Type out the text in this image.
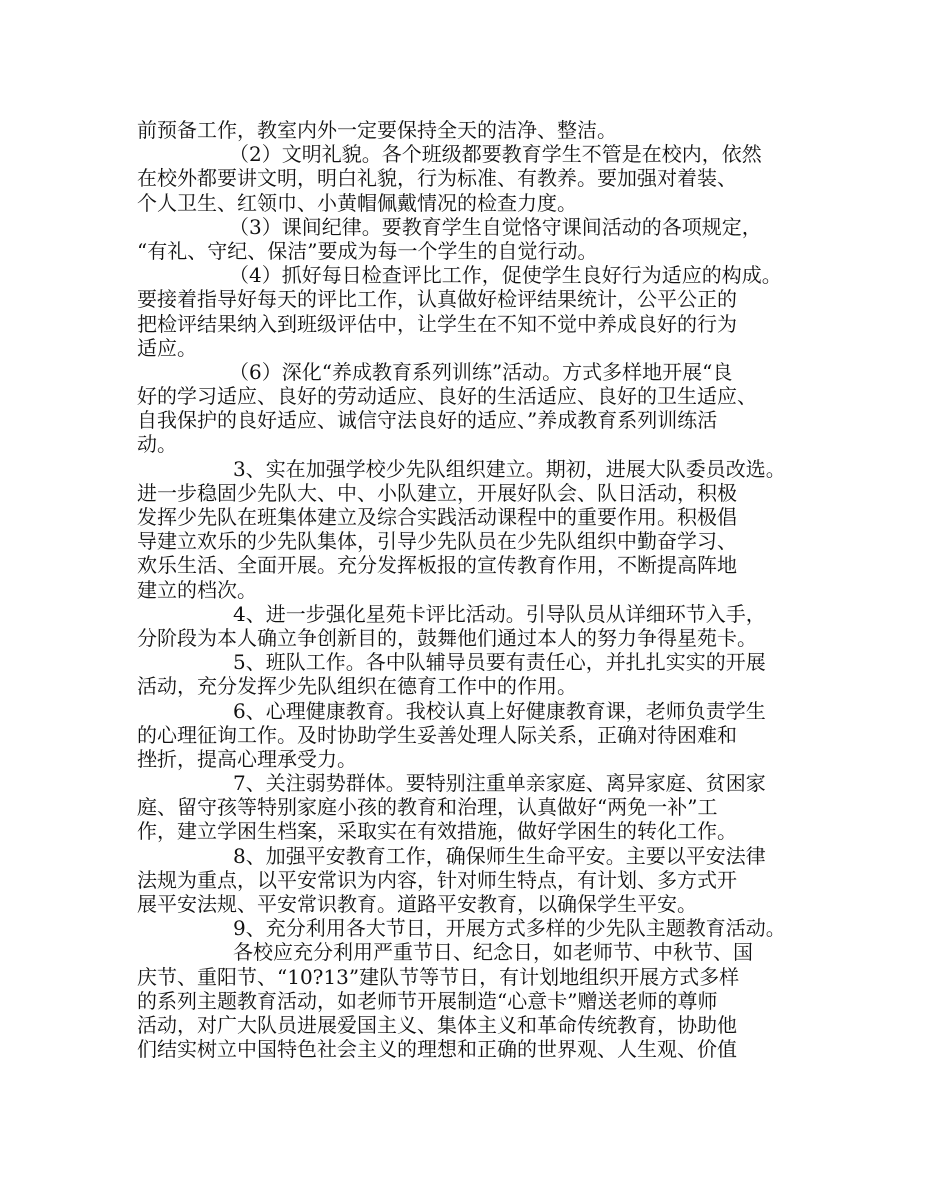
前预备工作，教室内外一定要保持全天的洁净、整洁。
（2）文明礼貌。各个班级都要教育学生不管是在校内，依然
在校外都要讲文明，明白礼貌，行为标准、有教养。要加强对着装、
个人卫生、红领巾、小黄帽佩戴情况的检查力度。
（3）课间纪律。要教育学生自觉恪守课间活动的各项规定，
“有礼、守纪、保洁”要成为每一个学生的自觉行动。
（4）抓好每日检查评比工作，促使学生良好行为适应的构成。
要接着指导好每天的评比工作，认真做好检评结果统计，公平公正的
把检评结果纳入到班级评估中，让学生在不知不觉中养成良好的行为
适应。
（6）深化“养成教育系列训练”活动。方式多样地开展“良
好的学习适应、良好的劳动适应、良好的生活适应、良好的卫生适应、
自我保护的良好适应、诚信守法良好的适应、”养成教育系列训练活
动。
3、实在加强学校少先队组织建立。期初，进展大队委员改选。
进一步稳固少先队大、中、小队建立，开展好队会、队日活动，积极
发挥少先队在班集体建立及综合实践活动课程中的重要作用。积极倡
导建立欢乐的少先队集体，引导少先队员在少先队组织中勤奋学习、
欢乐生活、全面开展。充分发挥板报的宣传教育作用，不断提高阵地
建立的档次。
4、进一步强化星苑卡评比活动。引导队员从详细环节入手，
分阶段为本人确立争创新目的，鼓舞他们通过本人的努力争得星苑卡。
5、班队工作。各中队辅导员要有责任心，并扎扎实实的开展
活动，充分发挥少先队组织在德育工作中的作用。
6、心理健康教育。我校认真上好健康教育课，老师负责学生
的心理征询工作。及时协助学生妥善处理人际关系，正确对待困难和
挫折，提高心理承受力。
7、关注弱势群体。要特别注重单亲家庭、离异家庭、贫困家
庭、留守孩等特别家庭小孩的教育和治理，认真做好“两免一补”工
作，建立学困生档案，采取实在有效措施，做好学困生的转化工作。
8、加强平安教育工作，确保师生生命平安。主要以平安法律
法规为重点，以平安常识为内容，针对师生特点，有计划、多方式开
展平安法规、平安常识教育。道路平安教育，以确保学生平安。
9、充分利用各大节日，开展方式多样的少先队主题教育活动。
各校应充分利用严重节日、纪念日，如老师节、中秋节、国
庆节、重阳节、“10?13”建队节等节日，有计划地组织开展方式多样
的系列主题教育活动，如老师节开展制造“心意卡”赠送老师的尊师
活动，对广大队员进展爱国主义、集体主义和革命传统教育，协助他
们结实树立中国特色社会主义的理想和正确的世界观、人生观、价值
